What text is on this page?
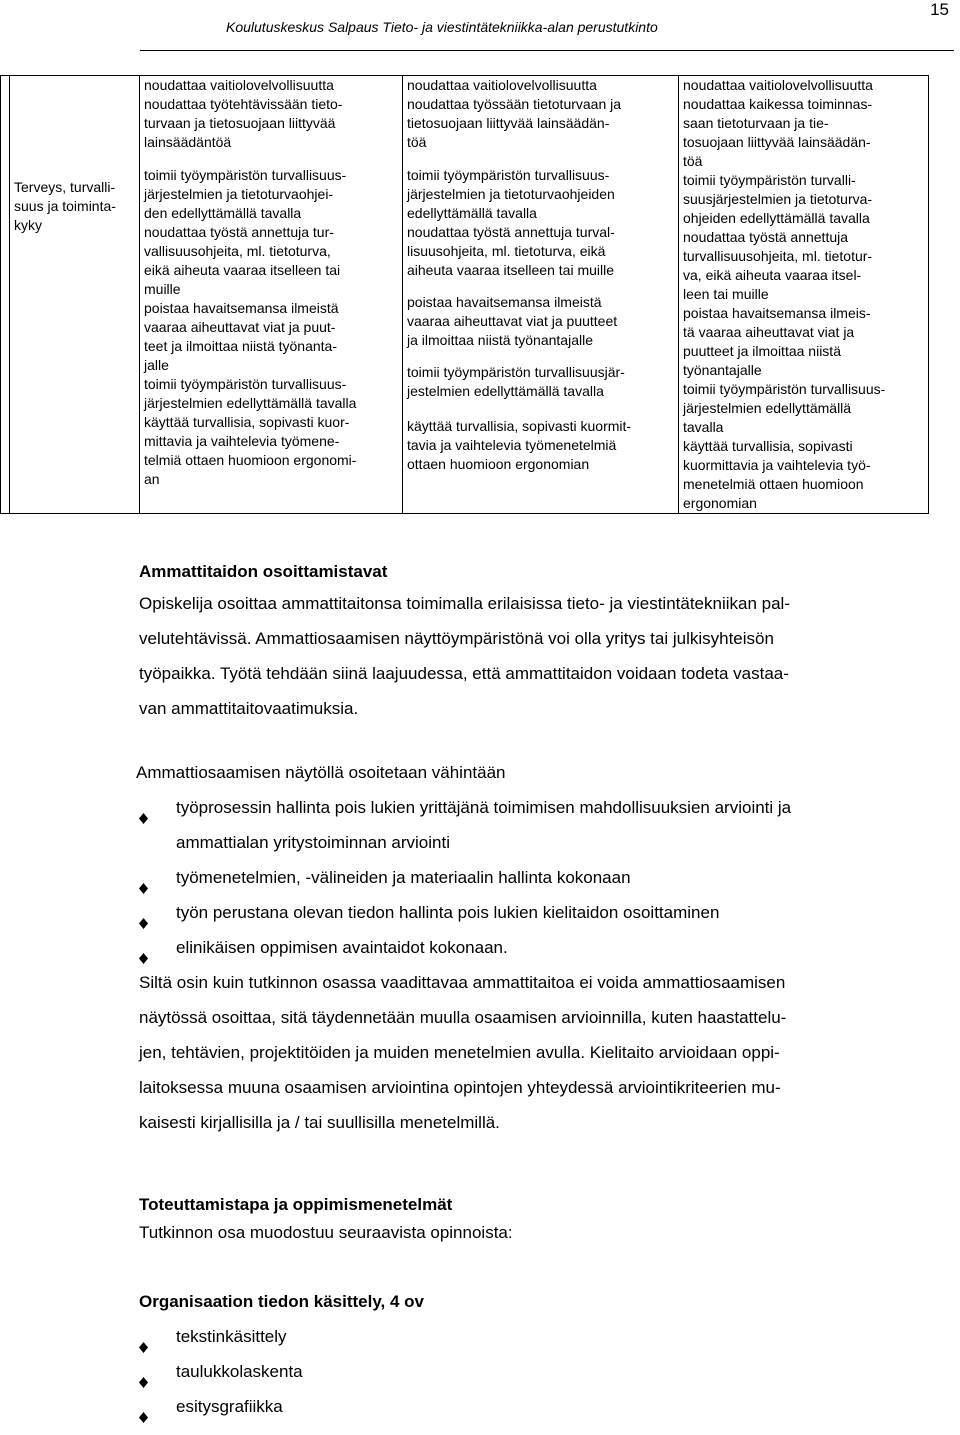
15
Koulutuskeskus Salpaus Tieto- ja viestintätekniikka-alan perustutkinto

Terveys, turvalli-
suus ja toiminta-
kyky

noudattaa vaitiolovelvollisuutta
noudattaa työtehtävissään tieto-
turvaan ja tietosuojaan liittyvää
lainsäädäntöä
toimii työympäristön turvallisuus-
järjestelmien ja tietoturvaohjei-
den edellyttämällä tavalla
noudattaa työstä annettuja tur-
vallisuusohjeita, ml. tietoturva,
eikä aiheuta vaaraa itselleen tai
muille
poistaa havaitsemansa ilmeistä
vaaraa aiheuttavat viat ja puut-
teet ja ilmoittaa niistä työnanta-
jalle
toimii työympäristön turvallisuus-
järjestelmien edellyttämällä tavalla
käyttää turvallisia, sopivasti kuor-
mittavia ja vaihtelevia työmene-
telmiä ottaen huomioon ergonomi-
an

noudattaa vaitiolovelvollisuutta
noudattaa työssään tietoturvaan ja
tietosuojaan liittyvää lainsäädän-
töä
toimii työympäristön turvallisuus-
järjestelmien ja tietoturvaohjeiden
edellyttämällä tavalla
noudattaa työstä annettuja turval-
lisuusohjeita, ml. tietoturva, eikä
aiheuta vaaraa itselleen tai muille
poistaa havaitsemansa ilmeistä
vaaraa aiheuttavat viat ja puutteet
ja ilmoittaa niistä työnantajalle
toimii työympäristön turvallisuusjär-
jestelmien edellyttämällä tavalla
käyttää turvallisia, sopivasti kuormit-
tavia ja vaihtelevia työmenetelmiä
ottaen huomioon ergonomian

noudattaa vaitiolovelvollisuutta
noudattaa kaikessa toiminnas-
saan tietoturvaan ja tie-
tosuojaan liittyvää lainsäädän-
töä
toimii työympäristön turvalli-
suusjärjestelmien ja tietoturva-
ohjeiden edellyttämällä tavalla
noudattaa työstä annettuja
turvallisuusohjeita, ml. tietotur-
va, eikä aiheuta vaaraa itsel-
leen tai muille
poistaa havaitsemansa ilmeis-
tä vaaraa aiheuttavat viat ja
puutteet ja ilmoittaa niistä
työnantajalle
toimii työympäristön turvallisuus-
järjestelmien edellyttämällä
tavalla
käyttää turvallisia, sopivasti
kuormittavia ja vaihtelevia työ-
menetelmiä ottaen huomioon
ergonomian
Ammattitaidon osoittamistavat
Opiskelija osoittaa ammattitaitonsa toimimalla erilaisissa tieto- ja viestintätekniikan pal-
velutehtävissä. Ammattiosaamisen näyttöympäristönä voi olla yritys tai julkisyhteisön
työpaikka. Työtä tehdään siinä laajuudessa, että ammattitaidon voidaan todeta vastaa-
van ammattitaitovaatimuksia.
Ammattiosaamisen näytöllä osoitetaan vähintään
työprosessin hallinta pois lukien yrittäjänä toimimisen mahdollisuuksien arviointi ja
ammattialan yritystoiminnan arviointi
työmenetelmien, -välineiden ja materiaalin hallinta kokonaan
työn perustana olevan tiedon hallinta pois lukien kielitaidon osoittaminen
elinikäisen oppimisen avaintaidot kokonaan.
Siltä osin kuin tutkinnon osassa vaadittavaa ammattitaitoa ei voida ammattiosaamisen
näytössä osoittaa, sitä täydennetään muulla osaamisen arvioinnilla, kuten haastattelu-
jen, tehtävien, projektitöiden ja muiden menetelmien avulla. Kielitaito arvioidaan oppi-
laitoksessa muuna osaamisen arviointina opintojen yhteydessä arviointikriteerien mu-
kaisesti kirjallisilla ja / tai suullisilla menetelmillä.
Toteuttamistapa ja oppimismenetelmät
Tutkinnon osa muodostuu seuraavista opinnoista:
Organisaation tiedon käsittely, 4 ov
tekstinkäsittely
taulukkolaskenta
esitysgrafiikka
